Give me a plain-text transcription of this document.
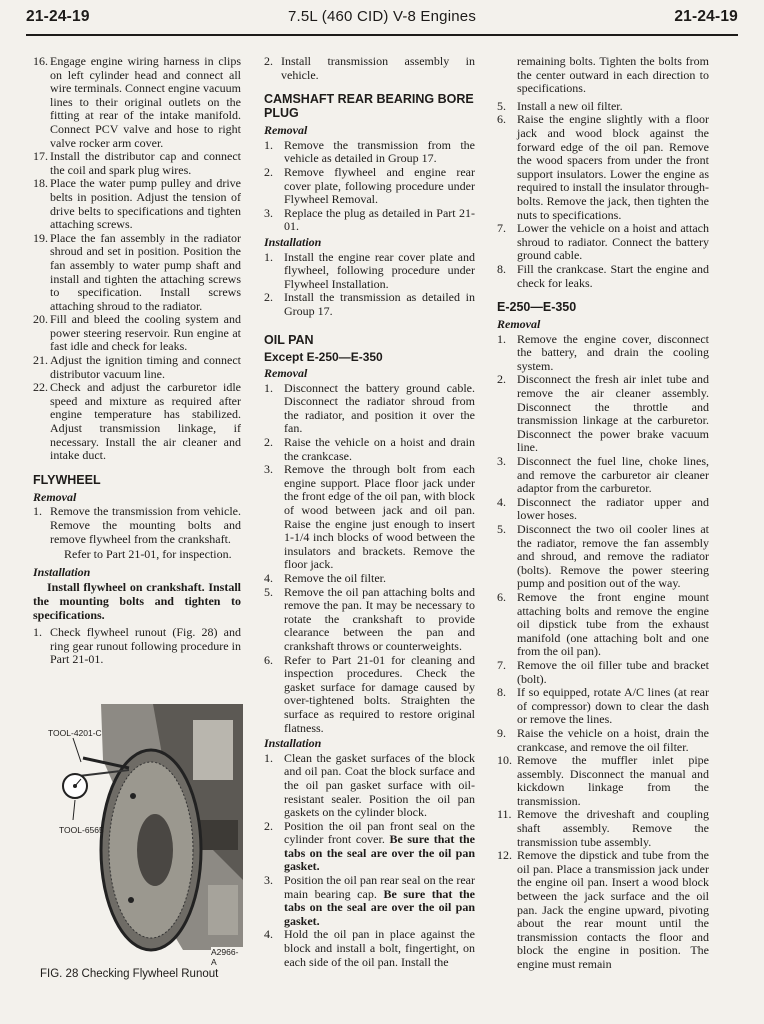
21-24-19	7.5L (460 CID) V-8 Engines	21-24-19
16. Engage engine wiring harness in clips on left cylinder head and connect all wire terminals. Connect engine vacuum lines to their original outlets on the fitting at rear of the intake manifold. Connect PCV valve and hose to right valve rocker arm cover.
17. Install the distributor cap and connect the coil and spark plug wires.
18. Place the water pump pulley and drive belts in position. Adjust the tension of drive belts to specifications and tighten attaching screws.
19. Place the fan assembly in the radiator shroud and set in position. Position the fan assembly to water pump shaft and install and tighten the attaching screws to specification. Install screws attaching shroud to the radiator.
20. Fill and bleed the cooling system and power steering reservoir. Run engine at fast idle and check for leaks.
21. Adjust the ignition timing and connect distributor vacuum line.
22. Check and adjust the carburetor idle speed and mixture as required after engine temperature has stabilized. Adjust transmission linkage, if necessary. Install the air cleaner and intake duct.
FLYWHEEL
Removal
1. Remove the transmission from vehicle. Remove the mounting bolts and remove flywheel from the crankshaft.
Refer to Part 21-01, for inspection.
Installation
Install flywheel on crankshaft. Install the mounting bolts and tighten to specifications.
1. Check flywheel runout (Fig. 28) and ring gear runout following procedure in Part 21-01.
TOOL-4201-C
TOOL-6565
A2966-A
FIG. 28 Checking Flywheel Runout
2. Install transmission assembly in vehicle.
CAMSHAFT REAR BEARING BORE PLUG
Removal
1. Remove the transmission from the vehicle as detailed in Group 17.
2. Remove flywheel and engine rear cover plate, following procedure under Flywheel Removal.
3. Replace the plug as detailed in Part 21-01.
Installation
1. Install the engine rear cover plate and flywheel, following procedure under Flywheel Installation.
2. Install the transmission as detailed in Group 17.
OIL PAN
Except E-250—E-350
Removal
1. Disconnect the battery ground cable. Disconnect the radiator shroud from the radiator, and position it over the fan.
2. Raise the vehicle on a hoist and drain the crankcase.
3. Remove the through bolt from each engine support. Place floor jack under the front edge of the oil pan, with block of wood between jack and oil pan. Raise the engine just enough to insert 1-1/4 inch blocks of wood between the insulators and brackets. Remove the floor jack.
4. Remove the oil filter.
5. Remove the oil pan attaching bolts and remove the pan. It may be necessary to rotate the crankshaft to provide clearance between the pan and crankshaft throws or counterweights.
6. Refer to Part 21-01 for cleaning and inspection procedures. Check the gasket surface for damage caused by over-tightened bolts. Straighten the surface as required to restore original flatness.
Installation
1. Clean the gasket surfaces of the block and oil pan. Coat the block surface and the oil pan gasket surface with oil-resistant sealer. Position the oil pan gaskets on the cylinder block.
2. Position the oil pan front seal on the cylinder front cover. Be sure that the tabs on the seal are over the oil pan gasket.
3. Position the oil pan rear seal on the rear main bearing cap. Be sure that the tabs on the seal are over the oil pan gasket.
4. Hold the oil pan in place against the block and install a bolt, fingertight, on each side of the oil pan. Install the
remaining bolts. Tighten the bolts from the center outward in each direction to specifications.
5. Install a new oil filter.
6. Raise the engine slightly with a floor jack and wood block against the forward edge of the oil pan. Remove the wood spacers from under the front support insulators. Lower the engine as required to install the insulator through-bolts. Remove the jack, then tighten the nuts to specifications.
7. Lower the vehicle on a hoist and attach shroud to radiator. Connect the battery ground cable.
8. Fill the crankcase. Start the engine and check for leaks.
E-250—E-350
Removal
1. Remove the engine cover, disconnect the battery, and drain the cooling system.
2. Disconnect the fresh air inlet tube and remove the air cleaner assembly. Disconnect the throttle and transmission linkage at the carburetor. Disconnect the power brake vacuum line.
3. Disconnect the fuel line, choke lines, and remove the carburetor air cleaner adaptor from the carburetor.
4. Disconnect the radiator upper and lower hoses.
5. Disconnect the two oil cooler lines at the radiator, remove the fan assembly and shroud, and remove the radiator (bolts). Remove the power steering pump and position out of the way.
6. Remove the front engine mount attaching bolts and remove the engine oil dipstick tube from the exhaust manifold (one attaching bolt and one from the oil pan).
7. Remove the oil filler tube and bracket (bolt).
8. If so equipped, rotate A/C lines (at rear of compressor) down to clear the dash or remove the lines.
9. Raise the vehicle on a hoist, drain the crankcase, and remove the oil filter.
10. Remove the muffler inlet pipe assembly. Disconnect the manual and kickdown linkage from the transmission.
11. Remove the driveshaft and coupling shaft assembly. Remove the transmission tube assembly.
12. Remove the dipstick and tube from the oil pan. Place a transmission jack under the engine oil pan. Insert a wood block between the jack surface and the oil pan. Jack the engine upward, pivoting about the rear mount until the transmission contacts the floor and block the engine in position. The engine must remain
